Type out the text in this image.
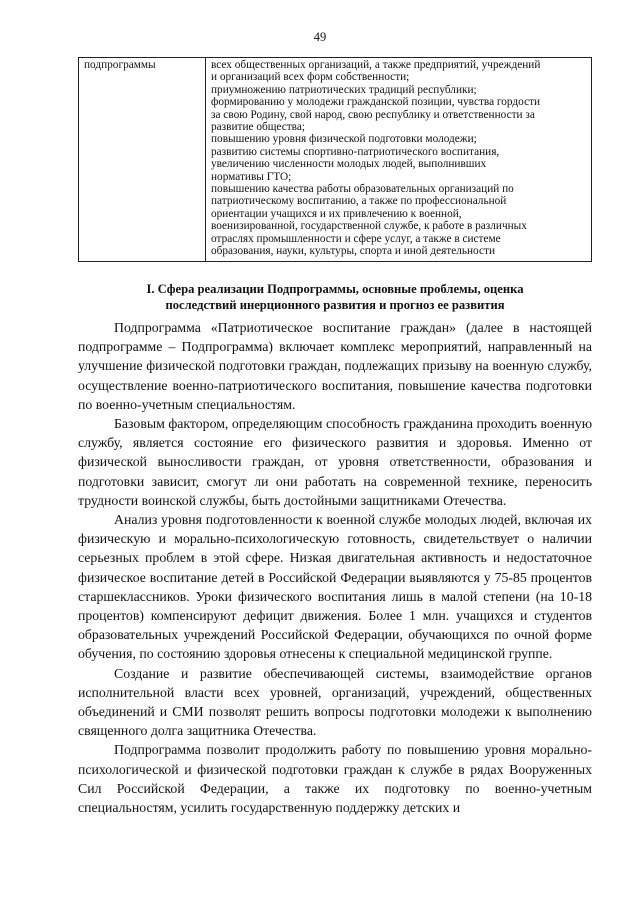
49
подпрограммы	всех общественных организаций, а также предприятий, учреждений
и организаций всех форм собственности;
приумножению патриотических традиций республики;
формированию у молодежи гражданской позиции, чувства гордости
за свою Родину, свой народ, свою республику и ответственности за
развитие общества;
повышению уровня физической подготовки молодежи;
развитию системы спортивно-патриотического воспитания,
увеличению численности молодых людей, выполнивших
нормативы ГТО;
повышению качества работы образовательных организаций по
патриотическому воспитанию, а также по профессиональной
ориентации учащихся и их привлечению к военной,
военизированной, государственной службе, к работе в различных
отраслях промышленности и сфере услуг, а также в системе
образования, науки, культуры, спорта и иной деятельности
I. Сфера реализации Подпрограммы, основные проблемы, оценка
последствий инерционного развития и прогноз ее развития

Подпрограмма «Патриотическое воспитание граждан» (далее в настоящей подпрограмме – Подпрограмма) включает комплекс мероприятий, направленный на улучшение физической подготовки граждан, подлежащих призыву на военную службу, осуществление военно-патриотического воспитания, повышение качества подготовки по военно-учетным специальностям.

Базовым фактором, определяющим способность гражданина проходить военную службу, является состояние его физического развития и здоровья. Именно от физической выносливости граждан, от уровня ответственности, образования и подготовки зависит, смогут ли они работать на современной технике, переносить трудности воинской службы, быть достойными защитниками Отечества.

Анализ уровня подготовленности к военной службе молодых людей, включая их физическую и морально-психологическую готовность, свидетельствует о наличии серьезных проблем в этой сфере. Низкая двигательная активность и недостаточное физическое воспитание детей в Российской Федерации выявляются у 75-85 процентов старшеклассников. Уроки физического воспитания лишь в малой степени (на 10-18 процентов) компенсируют дефицит движения. Более 1 млн. учащихся и студентов образовательных учреждений Российской Федерации, обучающихся по очной форме обучения, по состоянию здоровья отнесены к специальной медицинской группе.

Создание и развитие обеспечивающей системы, взаимодействие органов исполнительной власти всех уровней, организаций, учреждений, общественных объединений и СМИ позволят решить вопросы подготовки молодежи к выполнению священного долга защитника Отечества.

Подпрограмма позволит продолжить работу по повышению уровня морально-психологической и физической подготовки граждан к службе в рядах Вооруженных Сил Российской Федерации, а также их подготовку по военно-учетным специальностям, усилить государственную поддержку детских и
